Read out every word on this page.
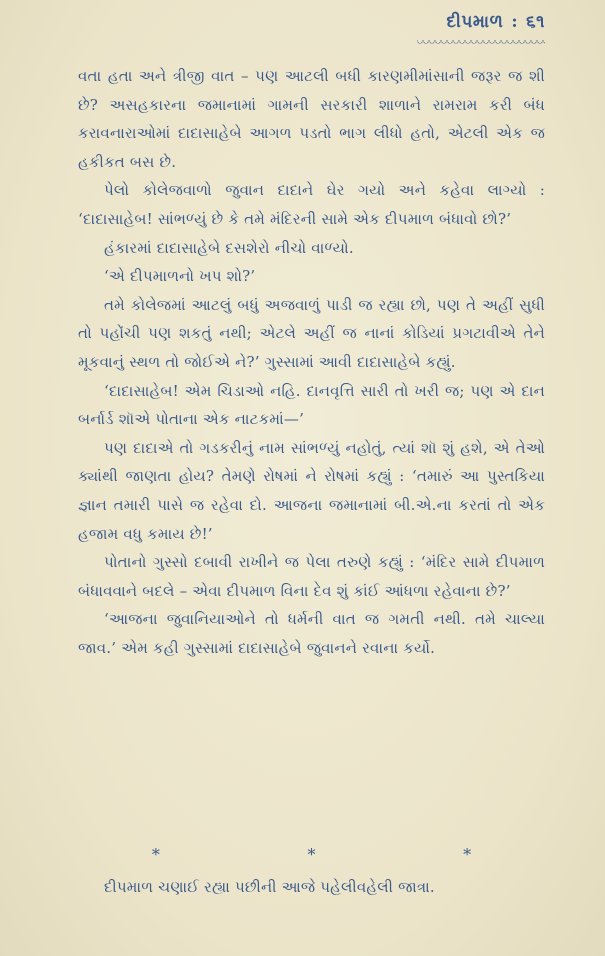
દીપમાળ : ૬૧

વતા હતા અને ત્રીજી વાત – પણ આટલી બધી કારણમીમાંસાની જરૂર જ શી છે? અસહકારના જમાનામાં ગામની સરકારી શાળાને રામરામ કરી બંધ કરાવનારાઓમાં દાદાસાહેબે આગળ પડતો ભાગ લીધો હતો, એટલી એક જ હકીકત બસ છે.

પેલો કોલેજવાળો જુવાન દાદાને ઘેર ગયો અને કહેવા લાગ્યો : ‘દાદાસાહેબ! સાંભળ્યું છે કે તમે મંદિરની સામે એક દીપમાળ બંધાવો છો?’

હંકારમાં દાદાસાહેબે દસશેરો નીચો વાળ્યો.

‘એ દીપમાળનો ખપ શો?’

તમે કોલેજમાં આટલું બધું અજવાળું પાડી જ રહ્યા છો, પણ તે અહીં સુધી તો પહોંચી પણ શકતું નથી; એટલે અહીં જ નાનાં કોડિયાં પ્રગટાવીએ તેને મૂકવાનું સ્થળ તો જોઈએ ને?’ ગુસ્સામાં આવી દાદાસાહેબે કહ્યું.

‘દાદાસાહેબ! એમ ચિડાઓ નહિ. દાનવૃત્તિ સારી તો ખરી જ; પણ એ દાન બર્નાર્ડ શૉએ પોતાના એક નાટકમાં—’

પણ દાદાએ તો ગડકરીનું નામ સાંભળ્યું નહોતું, ત્યાં શૉ શું હશે, એ તેઓ ક્યાંથી જાણતા હોય? તેમણે રોષમાં ને રોષમાં કહ્યું : ‘તમારું આ પુસ્તકિયા જ્ઞાન તમારી પાસે જ રહેવા દો. આજના જમાનામાં બી.એ.ના કરતાં તો એક હજામ વધુ કમાય છે!’

પોતાનો ગુસ્સો દબાવી રાખીને જ પેલા તરુણે કહ્યું : ‘મંદિર સામે દીપમાળ બંધાવવાને બદલે – એવા દીપમાળ વિના દેવ શું કાંઈ આંધળા રહેવાના છે?’

‘આજના જુવાનિયાઓને તો ધર્મની વાત જ ગમતી નથી. તમે ચાલ્યા જાવ.’ એમ કહી ગુસ્સામાં દાદાસાહેબે જુવાનને રવાના કર્યો.

*	*	*
દીપમાળ ચણાઈ રહ્યા પછીની આજે પહેલીવહેલી જાત્રા.
